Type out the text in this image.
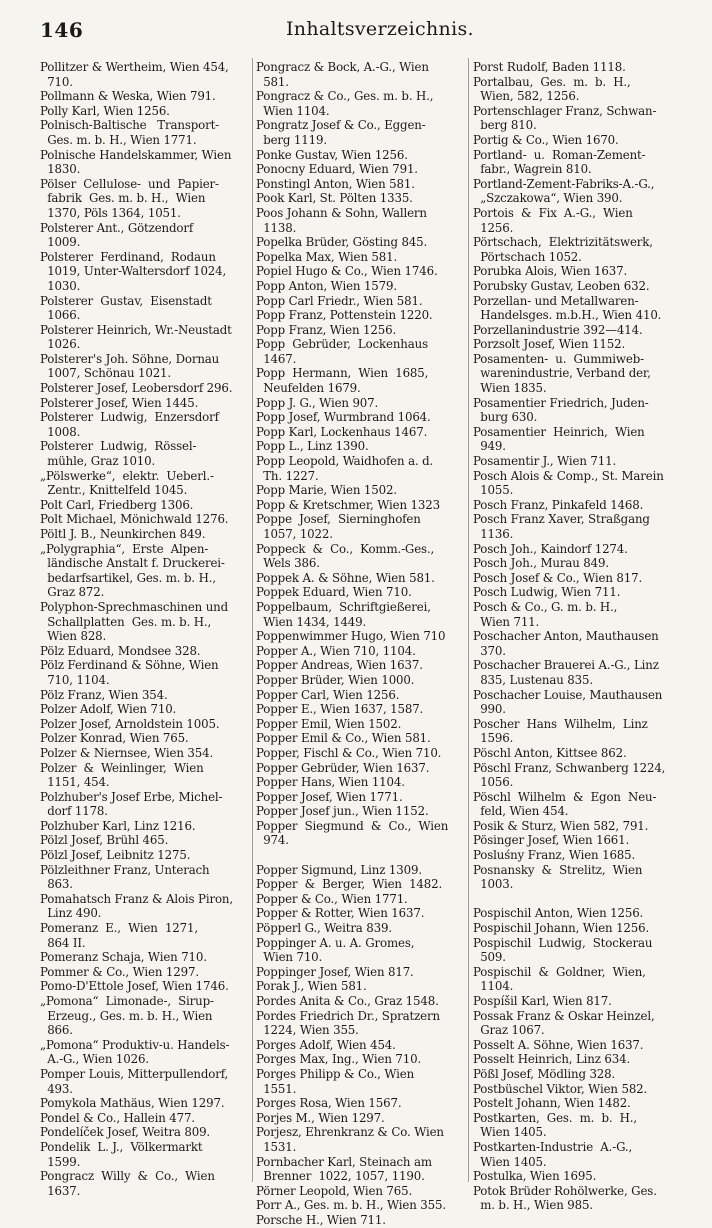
146	Inhaltsverzeichnis.
Pollitzer & Wertheim, Wien 454,
710.
Pollmann & Weska, Wien 791.
Polly Karl, Wien 1256.
Polnisch-Baltische   Transport-
Ges. m. b. H., Wien 1771.
Polnische Handelskammer, Wien
1830.
Pölser  Cellulose-  und  Papier-
fabrik  Ges. m. b. H.,  Wien
1370, Pöls 1364, 1051.
Polsterer Ant., Götzendorf
1009.
Polsterer  Ferdinand,  Rodaun
1019, Unter-Waltersdorf 1024,
1030.
Polsterer  Gustav,  Eisenstadt
1066.
Polsterer Heinrich, Wr.-Neustadt
1026.
Polsterer's Joh. Söhne, Dornau
1007, Schönau 1021.
Polsterer Josef, Leobersdorf 296.
Polsterer Josef, Wien 1445.
Polsterer  Ludwig,  Enzersdorf
1008.
Polsterer  Ludwig,  Rössel-
mühle, Graz 1010.
„Pölswerke“,  elektr.  Ueberl.-
Zentr., Knittelfeld 1045.
Polt Carl, Friedberg 1306.
Polt Michael, Mönichwald 1276.
Pöltl J. B., Neunkirchen 849.
„Polygraphia“,  Erste  Alpen-
ländische Anstalt f. Druckerei-
bedarfsartikel, Ges. m. b. H.,
Graz 872.
Polyphon-Sprechmaschinen und
Schallplatten  Ges. m. b. H.,
Wien 828.
Pölz Eduard, Mondsee 328.
Pölz Ferdinand & Söhne, Wien
710, 1104.
Pölz Franz, Wien 354.
Polzer Adolf, Wien 710.
Polzer Josef, Arnoldstein 1005.
Polzer Konrad, Wien 765.
Polzer & Niernsee, Wien 354.
Polzer  &  Weinlinger,  Wien
1151, 454.
Polzhuber's Josef Erbe, Michel-
dorf 1178.
Polzhuber Karl, Linz 1216.
Pölzl Josef, Brühl 465.
Pölzl Josef, Leibnitz 1275.
Pölzleithner Franz, Unterach
863.
Pomahatsch Franz & Alois Piron,
Linz 490.
Pomeranz  E.,  Wien  1271,
864 II.
Pomeranz Schaja, Wien 710.
Pommer & Co., Wien 1297.
Pomo-D'Ettole Josef, Wien 1746.
„Pomona“  Limonade-,  Sirup-
Erzeug., Ges. m. b. H., Wien
866.
„Pomona“ Produktiv-u. Handels-
A.-G., Wien 1026.
Pomper Louis, Mitterpullendorf,
493.
Pomykola Mathäus, Wien 1297.
Pondel & Co., Hallein 477.
Pondelíček Josef, Weitra 809.
Pondelik  L. J.,  Völkermarkt
1599.
Pongracz  Willy  &  Co.,  Wien
1637.
Pongracz & Bock, A.-G., Wien
581.
Pongracz & Co., Ges. m. b. H.,
Wien 1104.
Pongratz Josef & Co., Eggen-
berg 1119.
Ponke Gustav, Wien 1256.
Ponocny Eduard, Wien 791.
Ponstingl Anton, Wien 581.
Pook Karl, St. Pölten 1335.
Poos Johann & Sohn, Wallern
1138.
Popelka Brüder, Gösting 845.
Popelka Max, Wien 581.
Popiel Hugo & Co., Wien 1746.
Popp Anton, Wien 1579.
Popp Carl Friedr., Wien 581.
Popp Franz, Pottenstein 1220.
Popp Franz, Wien 1256.
Popp  Gebrüder,  Lockenhaus
1467.
Popp  Hermann,  Wien  1685,
Neufelden 1679.
Popp J. G., Wien 907.
Popp Josef, Wurmbrand 1064.
Popp Karl, Lockenhaus 1467.
Popp L., Linz 1390.
Popp Leopold, Waidhofen a. d.
Th. 1227.
Popp Marie, Wien 1502.
Popp & Kretschmer, Wien 1323
Poppe  Josef,  Sierninghofen
1057, 1022.
Poppeck  &  Co.,  Komm.-Ges.,
Wels 386.
Poppek A. & Söhne, Wien 581.
Poppek Eduard, Wien 710.
Poppelbaum,  Schriftgießerei,
Wien 1434, 1449.
Poppenwimmer Hugo, Wien 710
Popper A., Wien 710, 1104.
Popper Andreas, Wien 1637.
Popper Brüder, Wien 1000.
Popper Carl, Wien 1256.
Popper E., Wien 1637, 1587.
Popper Emil, Wien 1502.
Popper Emil & Co., Wien 581.
Popper, Fischl & Co., Wien 710.
Popper Gebrüder, Wien 1637.
Popper Hans, Wien 1104.
Popper Josef, Wien 1771.
Popper Josef jun., Wien 1152.
Popper  Siegmund  &  Co.,  Wien
974.
Popper Sigmund, Linz 1309.
Popper  &  Berger,  Wien  1482.
Popper & Co., Wien 1771.
Popper & Rotter, Wien 1637.
Pöpperl G., Weitra 839.
Poppinger A. u. A. Gromes,
Wien 710.
Poppinger Josef, Wien 817.
Porak J., Wien 581.
Pordes Anita & Co., Graz 1548.
Pordes Friedrich Dr., Spratzern
1224, Wien 355.
Porges Adolf, Wien 454.
Porges Max, Ing., Wien 710.
Porges Philipp & Co., Wien
1551.
Porges Rosa, Wien 1567.
Porjes M., Wien 1297.
Porjesz, Ehrenkranz & Co. Wien
1531.
Pornbacher Karl, Steinach am
Brenner  1022, 1057, 1190.
Pörner Leopold, Wien 765.
Porr A., Ges. m. b. H., Wien 355.
Porsche H., Wien 711.
Porst Rudolf, Baden 1118.
Portalbau,  Ges.  m.  b.  H.,
Wien, 582, 1256.
Portenschlager Franz, Schwan-
berg 810.
Portig & Co., Wien 1670.
Portland-  u.  Roman-Zement-
fabr., Wagrein 810.
Portland-Zement-Fabriks-A.-G.,
„Szczakowa“, Wien 390.
Portois  &  Fix  A.-G.,  Wien
1256.
Pörtschach,  Elektrizitätswerk,
Pörtschach 1052.
Porubka Alois, Wien 1637.
Porubsky Gustav, Leoben 632.
Porzellan- und Metallwaren-
Handelsges. m.b.H., Wien 410.
Porzellanindustrie 392—414.
Porzsolt Josef, Wien 1152.
Posamenten-  u.  Gummiweb-
warenindustrie, Verband der,
Wien 1835.
Posamentier Friedrich, Juden-
burg 630.
Posamentier  Heinrich,  Wien
949.
Posamentir J., Wien 711.
Posch Alois & Comp., St. Marein
1055.
Posch Franz, Pinkafeld 1468.
Posch Franz Xaver, Straßgang
1136.
Posch Joh., Kaindorf 1274.
Posch Joh., Murau 849.
Posch Josef & Co., Wien 817.
Posch Ludwig, Wien 711.
Posch & Co., G. m. b. H.,
Wien 711.
Poschacher Anton, Mauthausen
370.
Poschacher Brauerei A.-G., Linz
835, Lustenau 835.
Poschacher Louise, Mauthausen
990.
Poscher  Hans  Wilhelm,  Linz
1596.
Pöschl Anton, Kittsee 862.
Pöschl Franz, Schwanberg 1224,
1056.
Pöschl  Wilhelm  &  Egon  Neu-
feld, Wien 454.
Posik & Sturz, Wien 582, 791.
Pösinger Josef, Wien 1661.
Posluśny Franz, Wien 1685.
Posnansky  &  Strelitz,  Wien
1003.
Pospischil Anton, Wien 1256.
Pospischil Johann, Wien 1256.
Pospischil  Ludwig,  Stockerau
509.
Pospischil  &  Goldner,  Wien,
1104.
Pospíšil Karl, Wien 817.
Possak Franz & Oskar Heinzel,
Graz 1067.
Posselt A. Söhne, Wien 1637.
Posselt Heinrich, Linz 634.
Pößl Josef, Mödling 328.
Postbüschel Viktor, Wien 582.
Postelt Johann, Wien 1482.
Postkarten,  Ges.  m.  b.  H.,
Wien 1405.
Postkarten-Industrie  A.-G.,
Wien 1405.
Postulka, Wien 1695.
Potok Brüder Rohölwerke, Ges.
m. b. H., Wien 985.
